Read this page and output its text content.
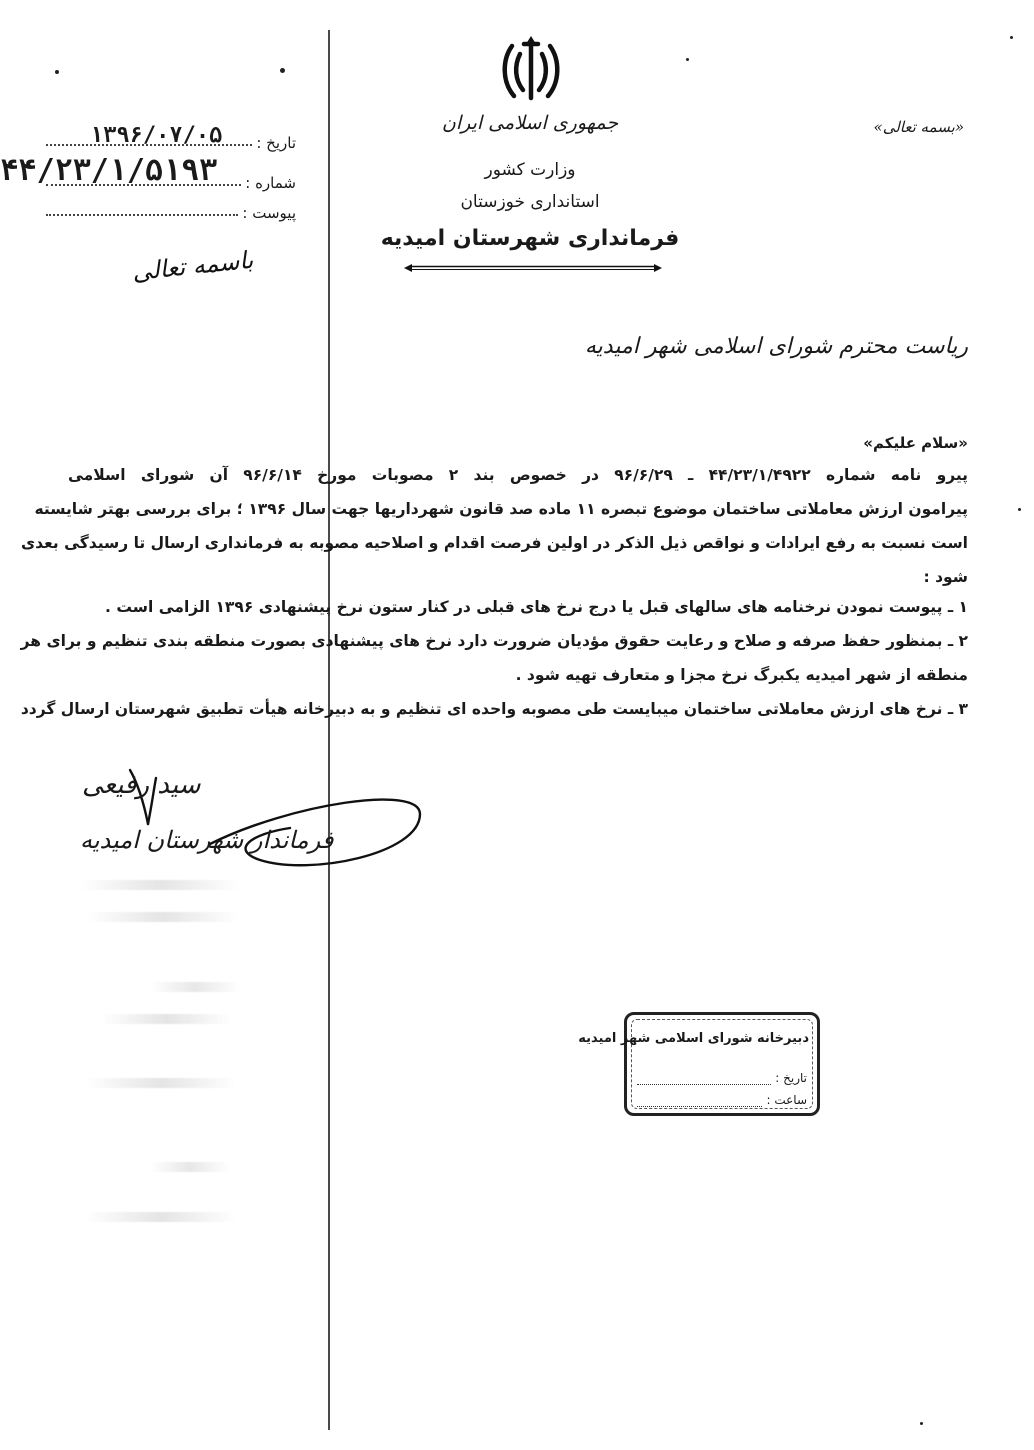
جمهوری اسلامی ایران
وزارت کشور
استانداری خوزستان
فرمانداری شهرستان امیدیه
«بسمه تعالی»
تاریخ :
۱۳۹۶/۰۷/۰۵
شماره :
۴۴/۲۳/۱/۵۱۹۳
پیوست :
باسمه تعالی
ریاست محترم شورای اسلامی شهر امیدیه
«سلام علیکم»
پیرو نامه شماره ۴۴/۲۳/۱/۴۹۲۲ ـ ۹۶/۶/۲۹ در خصوص بند ۲ مصوبات مورخ ۹۶/۶/۱۴ آن شورای اسلامی
پیرامون ارزش معاملاتی ساختمان موضوع تبصره ۱۱ ماده صد قانون شهرداریها جهت سال ۱۳۹۶ ؛ برای بررسی بهتر شایسته
است نسبت به رفع ایرادات و نواقص ذیل الذکر در اولین فرصت اقدام و اصلاحیه مصوبه به فرمانداری ارسال تا رسیدگی بعدی
شود :
۱ ـ پیوست نمودن نرخنامه های سالهای قبل یا درج نرخ های قبلی در کنار ستون نرخ پیشنهادی ۱۳۹۶ الزامی است .
۲ ـ بمنظور حفظ صرفه و صلاح و رعایت حقوق مؤدیان ضرورت دارد نرخ های پیشنهادی بصورت منطقه بندی تنظیم و برای هر
منطقه از شهر امیدیه یکبرگ نرخ مجزا و متعارف تهیه شود .
۳ ـ نرخ های ارزش معاملاتی ساختمان میبایست طی مصوبه واحده ای تنظیم و به دبیرخانه هیأت تطبیق شهرستان ارسال گردد
سید رفیعی
فرماندار شهرستان امیدیه
دبیرخانه شورای اسلامی شهر امیدیه
تاریخ :
ساعت :
